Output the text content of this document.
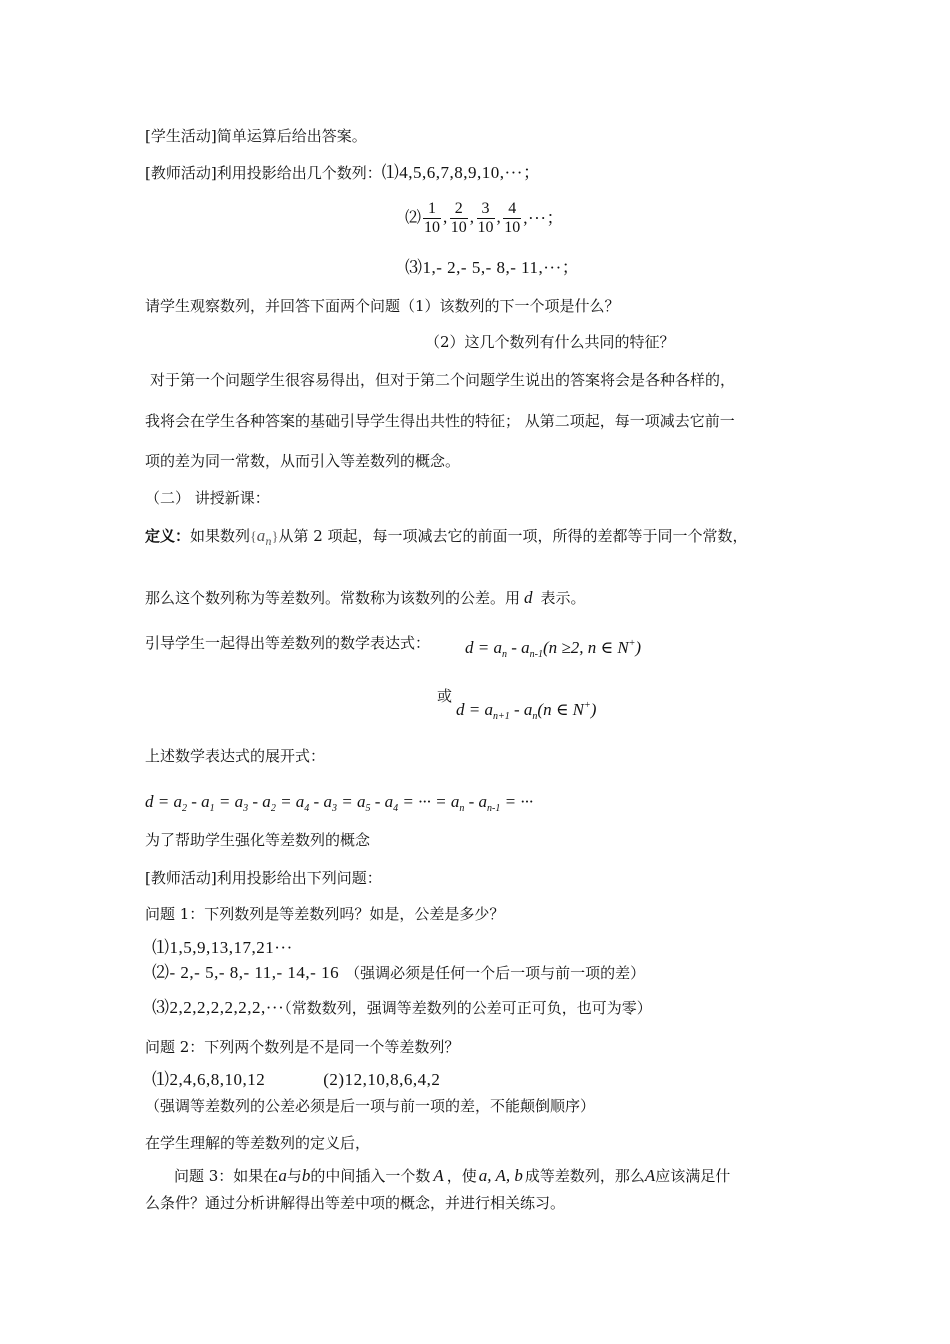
[学生活动]简单运算后给出答案。
[教师活动]利用投影给出几个数列：⑴4,5,6,7,8,9,10,···；
⑵ $\frac{1}{10}$ , $\frac{2}{10}$ , $\frac{3}{10}$ , $\frac{4}{10}$ ,···；
⑶1,- 2,- 5,- 8,- 11,···；
请学生观察数列，并回答下面两个问题（1）该数列的下一个项是什么？
（2）这几个数列有什么共同的特征？
对于第一个问题学生很容易得出，但对于第二个问题学生说出的答案将会是各种各样的，
我将会在学生各种答案的基础引导学生得出共性的特征； 从第二项起，每一项减去它前一
项的差为同一常数，从而引入等差数列的概念。
（二） 讲授新课：
定义：如果数列$\{a_n\}$从第 2 项起，每一项减去它的前面一项，所得的差都等于同一个常数，
那么这个数列称为等差数列。常数称为该数列的公差。用 d 表示。
引导学生一起得出等差数列的数学表达式： $d = a_n - a_{n-1}(n \ge 2$, n ∈ N+)
或
$d = a_{n+1} - a_n(n$ ∈ N+)
上述数学表达式的展开式：
$d = a_2 - a_1 = a_3 - a_2 = a_4 - a_3 = a_5 - a_4$ = ··· = $a_n - a_{n-1}$ = ···
为了帮助学生强化等差数列的概念
[教师活动]利用投影给出下列问题：
问题 1：下列数列是等差数列吗？如是，公差是多少？
⑴1,5,9,13,17,21···
⑵- 2,- 5,- 8,- 11,- 14,- 16 （强调必须是任何一个后一项与前一项的差）
⑶2,2,2,2,2,2,2,···（常数数列，强调等差数列的公差可正可负，也可为零）
问题 2：下列两个数列是不是同一个等差数列？
⑴2,4,6,8,10,12	(2)12,10,8,6,4,2
（强调等差数列的公差必须是后一项与前一项的差，不能颠倒顺序）
在学生理解的等差数列的定义后，
问题 3：如果在a与b的中间插入一个数 A ，使 a, A, b 成等差数列，那么A应该满足什
么条件？通过分析讲解得出等差中项的概念，并进行相关练习。
